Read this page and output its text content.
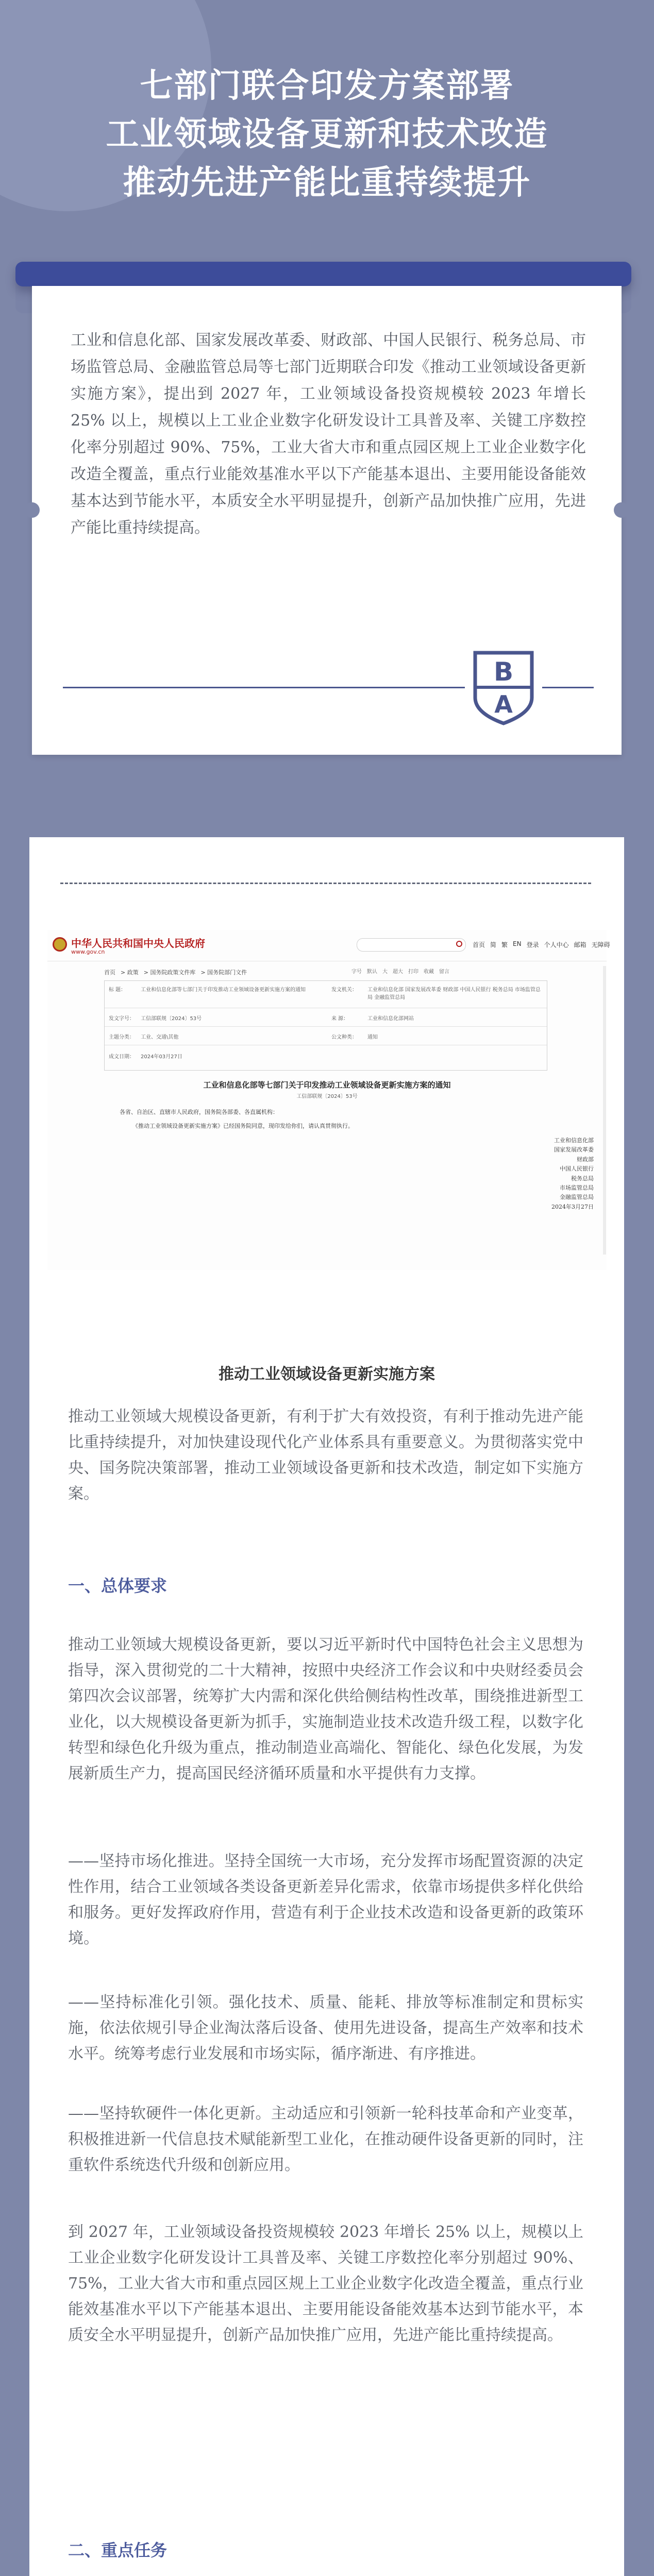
七部门联合印发方案部署
工业领域设备更新和技术改造
推动先进产能比重持续提升
工业和信息化部、国家发展改革委、财政部、中国人民银行、税务总局、市场监管总局、金融监管总局等七部门近期联合印发《推动工业领域设备更新实施方案》，提出到 2027 年，工业领域设备投资规模较 2023 年增长 25% 以上，规模以上工业企业数字化研发设计工具普及率、关键工序数控化率分别超过 90%、75%，工业大省大市和重点园区规上工业企业数字化改造全覆盖，重点行业能效基准水平以下产能基本退出、主要用能设备能效基本达到节能水平，本质安全水平明显提升，创新产品加快推广应用，先进产能比重持续提高。
B
A
中华人民共和国中央人民政府
www.gov.cn
首页 简 繁 EN 登录 个人中心 邮箱 无障碍
首页 > 政策 > 国务院政策文件库 > 国务院部门文件	字号 默认 大 超大 打印 收藏 留言
标 题：	工业和信息化部等七部门关于印发推动工业领域设备更新实施方案的通知	发文机关： 工业和信息化部 国家发展改革委 财政部 中国人民银行 税务总局 市场监管总局 金融监管总局
发文字号： 工信部联规〔2024〕53号	来 源：	工业和信息化部网站
主题分类： 工业、交通\其他	公文种类： 通知
成文日期： 2024年03月27日
工业和信息化部等七部门关于印发推动工业领域设备更新实施方案的通知
工信部联规〔2024〕53号
各省、自治区、直辖市人民政府，国务院各部委、各直属机构：
《推动工业领域设备更新实施方案》已经国务院同意，现印发给你们，请认真贯彻执行。
工业和信息化部
国家发展改革委
财政部
中国人民银行
税务总局
市场监管总局
金融监管总局
2024年3月27日
推动工业领域设备更新实施方案
推动工业领域大规模设备更新，有利于扩大有效投资，有利于推动先进产能比重持续提升，对加快建设现代化产业体系具有重要意义。为贯彻落实党中央、国务院决策部署，推动工业领域设备更新和技术改造，制定如下实施方案。
一、总体要求
推动工业领域大规模设备更新，要以习近平新时代中国特色社会主义思想为指导，深入贯彻党的二十大精神，按照中央经济工作会议和中央财经委员会第四次会议部署，统筹扩大内需和深化供给侧结构性改革，围绕推进新型工业化，以大规模设备更新为抓手，实施制造业技术改造升级工程，以数字化转型和绿色化升级为重点，推动制造业高端化、智能化、绿色化发展，为发展新质生产力，提高国民经济循环质量和水平提供有力支撑。
——坚持市场化推进。坚持全国统一大市场，充分发挥市场配置资源的决定性作用，结合工业领域各类设备更新差异化需求，依靠市场提供多样化供给和服务。更好发挥政府作用，营造有利于企业技术改造和设备更新的政策环境。
——坚持标准化引领。强化技术、质量、能耗、排放等标准制定和贯标实施，依法依规引导企业淘汰落后设备、使用先进设备，提高生产效率和技术水平。统筹考虑行业发展和市场实际，循序渐进、有序推进。
——坚持软硬件一体化更新。主动适应和引领新一轮科技革命和产业变革，积极推进新一代信息技术赋能新型工业化，在推动硬件设备更新的同时，注重软件系统迭代升级和创新应用。
到 2027 年，工业领域设备投资规模较 2023 年增长 25% 以上，规模以上工业企业数字化研发设计工具普及率、关键工序数控化率分别超过 90%、75%，工业大省大市和重点园区规上工业企业数字化改造全覆盖，重点行业能效基准水平以下产能基本退出、主要用能设备能效基本达到节能水平，本质安全水平明显提升，创新产品加快推广应用，先进产能比重持续提高。
二、重点任务
